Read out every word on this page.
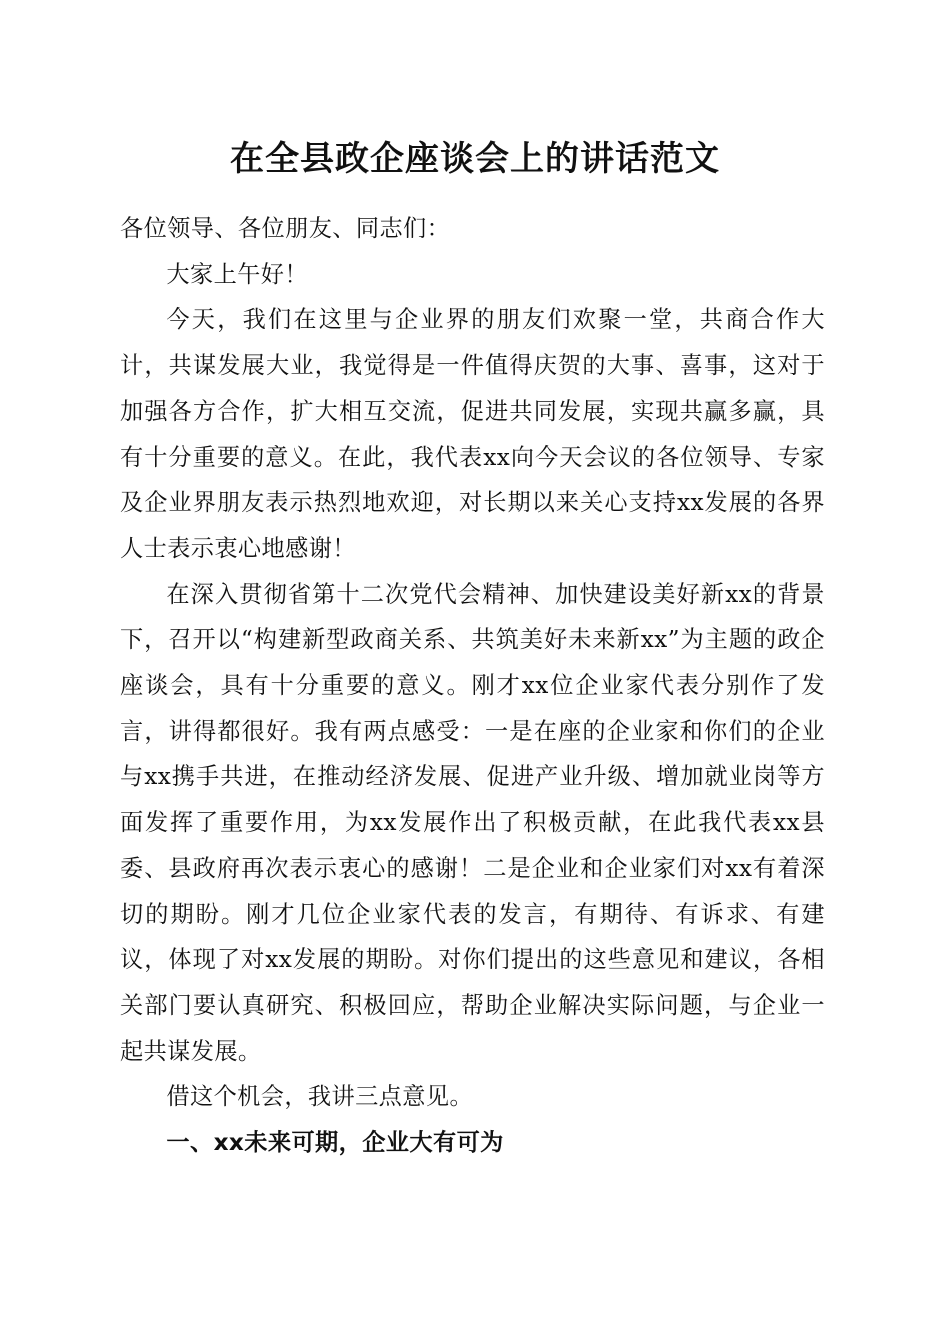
在全县政企座谈会上的讲话范文

各位领导、各位朋友、同志们：

大家上午好！

今天，我们在这里与企业界的朋友们欢聚一堂，共商合作大计，共谋发展大业，我觉得是一件值得庆贺的大事、喜事，这对于加强各方合作，扩大相互交流，促进共同发展，实现共赢多赢，具有十分重要的意义。在此，我代表xx向今天会议的各位领导、专家及企业界朋友表示热烈地欢迎，对长期以来关心支持xx发展的各界人士表示衷心地感谢！

在深入贯彻省第十二次党代会精神、加快建设美好新xx的背景下，召开以“构建新型政商关系、共筑美好未来新xx”为主题的政企座谈会，具有十分重要的意义。刚才xx位企业家代表分别作了发言，讲得都很好。我有两点感受：一是在座的企业家和你们的企业与xx携手共进，在推动经济发展、促进产业升级、增加就业岗等方面发挥了重要作用，为xx发展作出了积极贡献，在此我代表xx县委、县政府再次表示衷心的感谢！二是企业和企业家们对xx有着深切的期盼。刚才几位企业家代表的发言，有期待、有诉求、有建议，体现了对xx发展的期盼。对你们提出的这些意见和建议，各相关部门要认真研究、积极回应，帮助企业解决实际问题，与企业一起共谋发展。

借这个机会，我讲三点意见。

一、xx未来可期，企业大有可为
